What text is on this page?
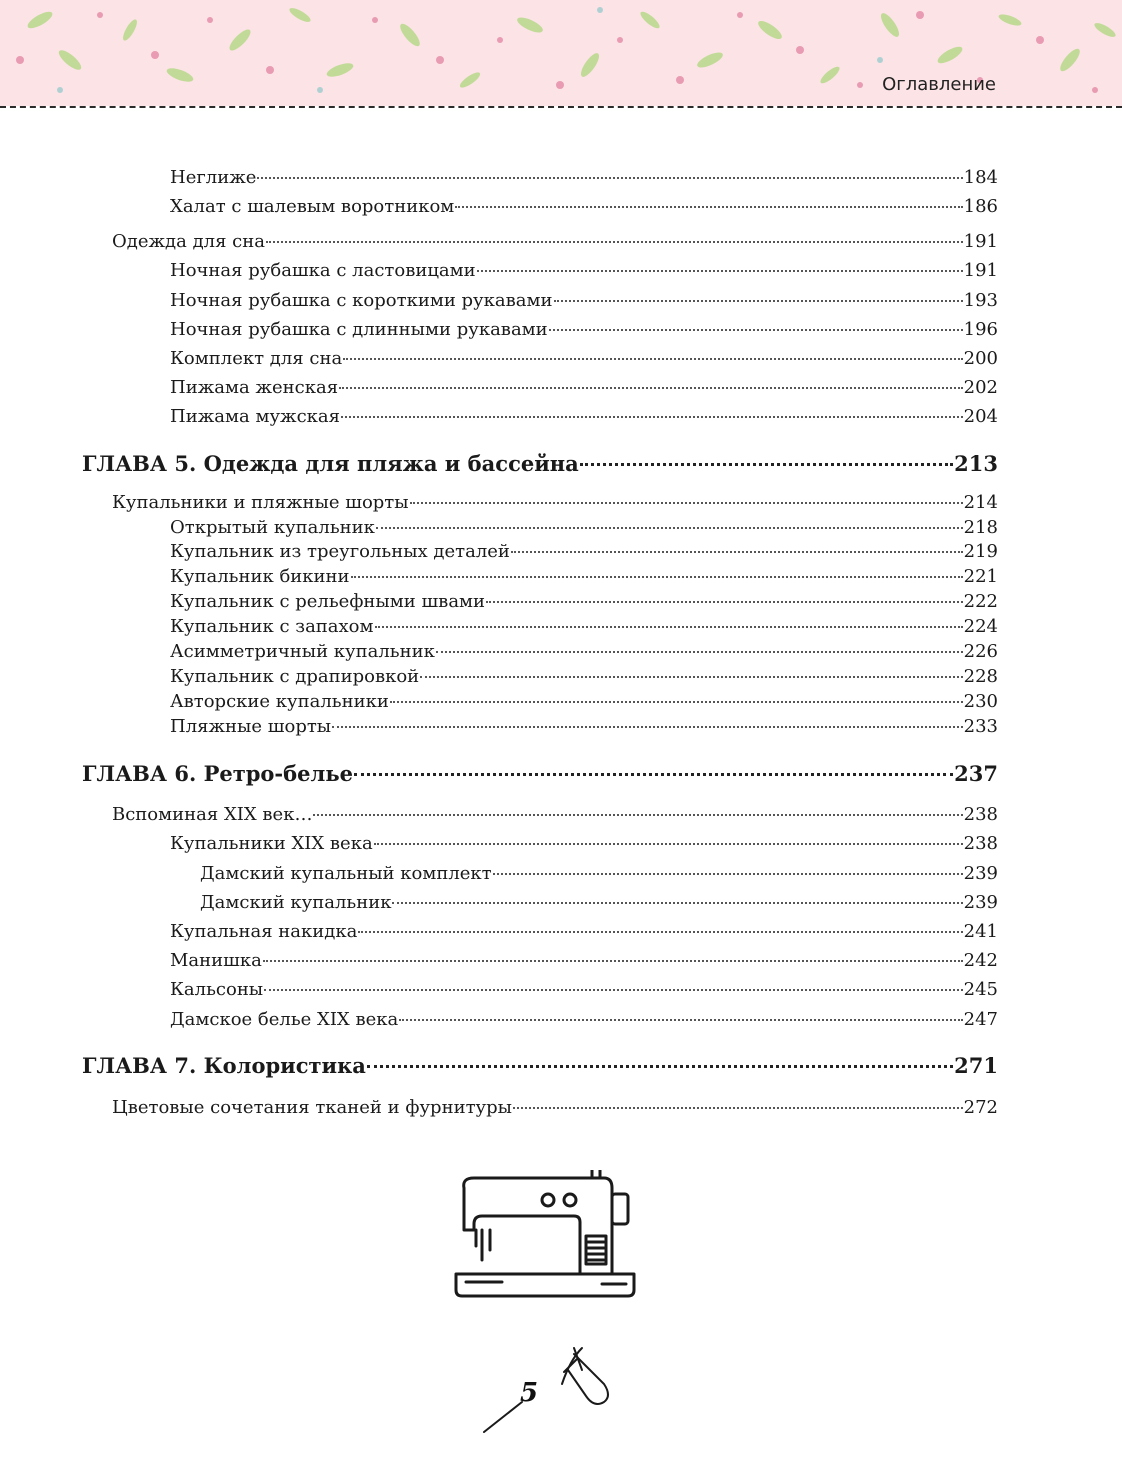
Оглавление
Неглиже	184
Халат с шалевым воротником	186
Одежда для сна	191
Ночная рубашка с ластовицами	191
Ночная рубашка с короткими рукавами	193
Ночная рубашка с длинными рукавами	196
Комплект для сна	200
Пижама женская	202
Пижама мужская	204
ГЛАВА 5. Одежда для пляжа и бассейна	213
Купальники и пляжные шорты	214
Открытый купальник	218
Купальник из треугольных деталей	219
Купальник бикини	221
Купальник с рельефными швами	222
Купальник с запахом	224
Асимметричный купальник	226
Купальник с драпировкой	228
Авторские купальники	230
Пляжные шорты	233
ГЛАВА 6. Ретро-белье	237
Вспоминая XIX век…	238
Купальники XIX века	238
Дамский купальный комплект	239
Дамский купальник	239
Купальная накидка	241
Манишка	242
Кальсоны	245
Дамское белье XIX века	247
ГЛАВА 7. Колористика	271
Цветовые сочетания тканей и фурнитуры	272
5
